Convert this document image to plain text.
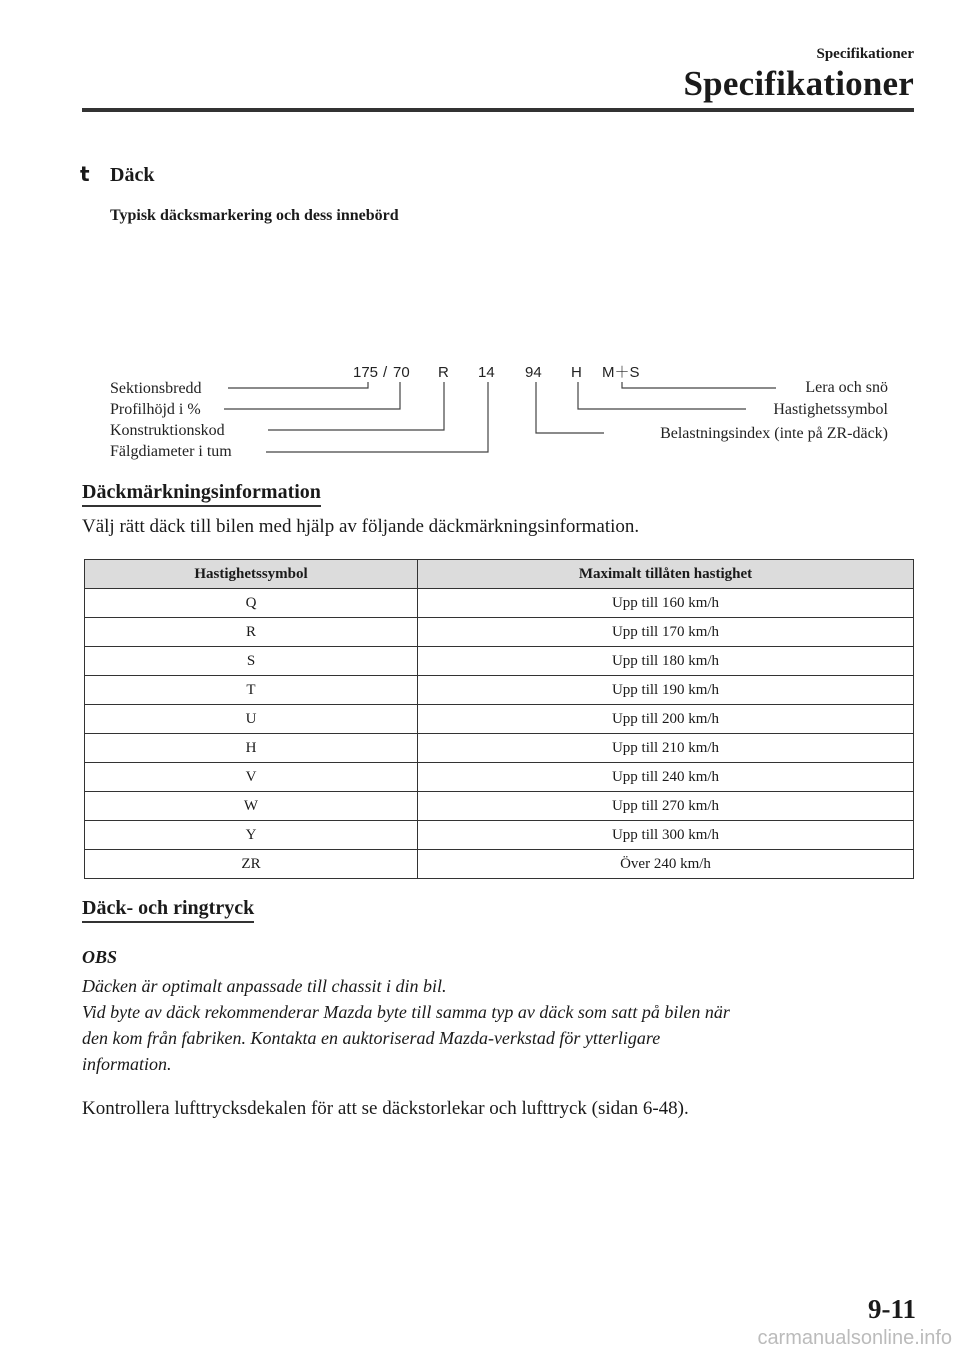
Specifikationer
Specifikationer
t Däck
Typisk däcksmarkering och dess innebörd
175 / 70 R 14 94 H M＋S
Sektionsbredd
Profilhöjd i %
Konstruktionskod
Fälgdiameter i tum
Lera och snö
Hastighetssymbol
Belastningsindex (inte på ZR-däck)
Däckmärkningsinformation
Välj rätt däck till bilen med hjälp av följande däckmärkningsinformation.
Hastighetssymbol	Maximalt tillåten hastighet
Q	Upp till 160 km/h
R	Upp till 170 km/h
S	Upp till 180 km/h
T	Upp till 190 km/h
U	Upp till 200 km/h
H	Upp till 210 km/h
V	Upp till 240 km/h
W	Upp till 270 km/h
Y	Upp till 300 km/h
ZR	Över 240 km/h
Däck- och ringtryck
OBS
Däcken är optimalt anpassade till chassit i din bil.
Vid byte av däck rekommenderar Mazda byte till samma typ av däck som satt på bilen när
den kom från fabriken. Kontakta en auktoriserad Mazda-verkstad för ytterligare
information.
Kontrollera lufttrycksdekalen för att se däckstorlekar och lufttryck (sidan 6-48).
9-11
carmanualsonline.info
